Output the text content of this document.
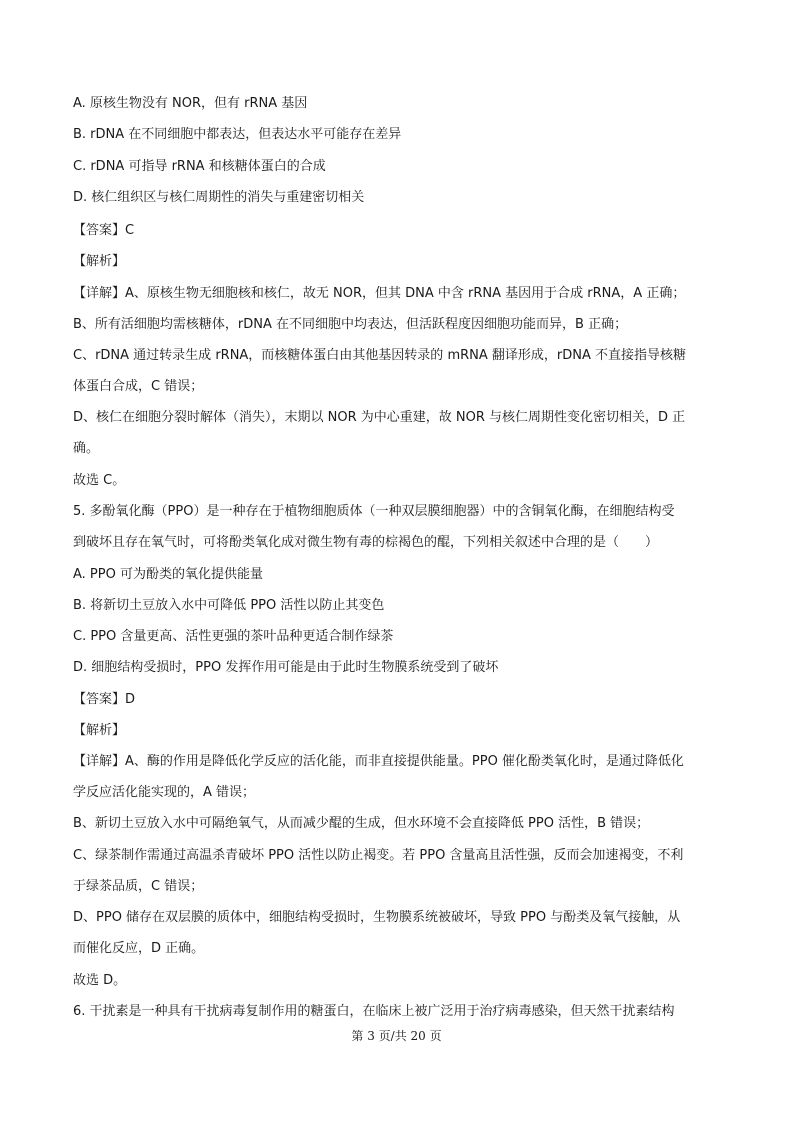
A. 原核生物没有 NOR，但有 rRNA 基因
B. rDNA 在不同细胞中都表达，但表达水平可能存在差异
C. rDNA 可指导 rRNA 和核糖体蛋白的合成
D. 核仁组织区与核仁周期性的消失与重建密切相关
【答案】C
【解析】
【详解】A、原核生物无细胞核和核仁，故无 NOR，但其 DNA 中含 rRNA 基因用于合成 rRNA，A 正确；
B、所有活细胞均需核糖体，rDNA 在不同细胞中均表达，但活跃程度因细胞功能而异，B 正确；
C、rDNA 通过转录生成 rRNA，而核糖体蛋白由其他基因转录的 mRNA 翻译形成，rDNA 不直接指导核糖
体蛋白合成，C 错误；
D、核仁在细胞分裂时解体（消失），末期以 NOR 为中心重建，故 NOR 与核仁周期性变化密切相关，D 正
确。
故选 C。
5. 多酚氧化酶（PPO）是一种存在于植物细胞质体（一种双层膜细胞器）中的含铜氧化酶，在细胞结构受
到破坏且存在氧气时，可将酚类氧化成对微生物有毒的棕褐色的醌，下列相关叙述中合理的是（　　）
A. PPO 可为酚类的氧化提供能量
B. 将新切土豆放入水中可降低 PPO 活性以防止其变色
C. PPO 含量更高、活性更强的茶叶品种更适合制作绿茶
D. 细胞结构受损时，PPO 发挥作用可能是由于此时生物膜系统受到了破坏
【答案】D
【解析】
【详解】A、酶的作用是降低化学反应的活化能，而非直接提供能量。PPO 催化酚类氧化时，是通过降低化
学反应活化能实现的，A 错误；
B、新切土豆放入水中可隔绝氧气，从而减少醌的生成，但水环境不会直接降低 PPO 活性，B 错误；
C、绿茶制作需通过高温杀青破坏 PPO 活性以防止褐变。若 PPO 含量高且活性强，反而会加速褐变，不利
于绿茶品质，C 错误；
D、PPO 储存在双层膜的质体中，细胞结构受损时，生物膜系统被破坏，导致 PPO 与酚类及氧气接触，从
而催化反应，D 正确。
故选 D。
6. 干扰素是一种具有干扰病毒复制作用的糖蛋白，在临床上被广泛用于治疗病毒感染，但天然干扰素结构
第 3 页/共 20 页
